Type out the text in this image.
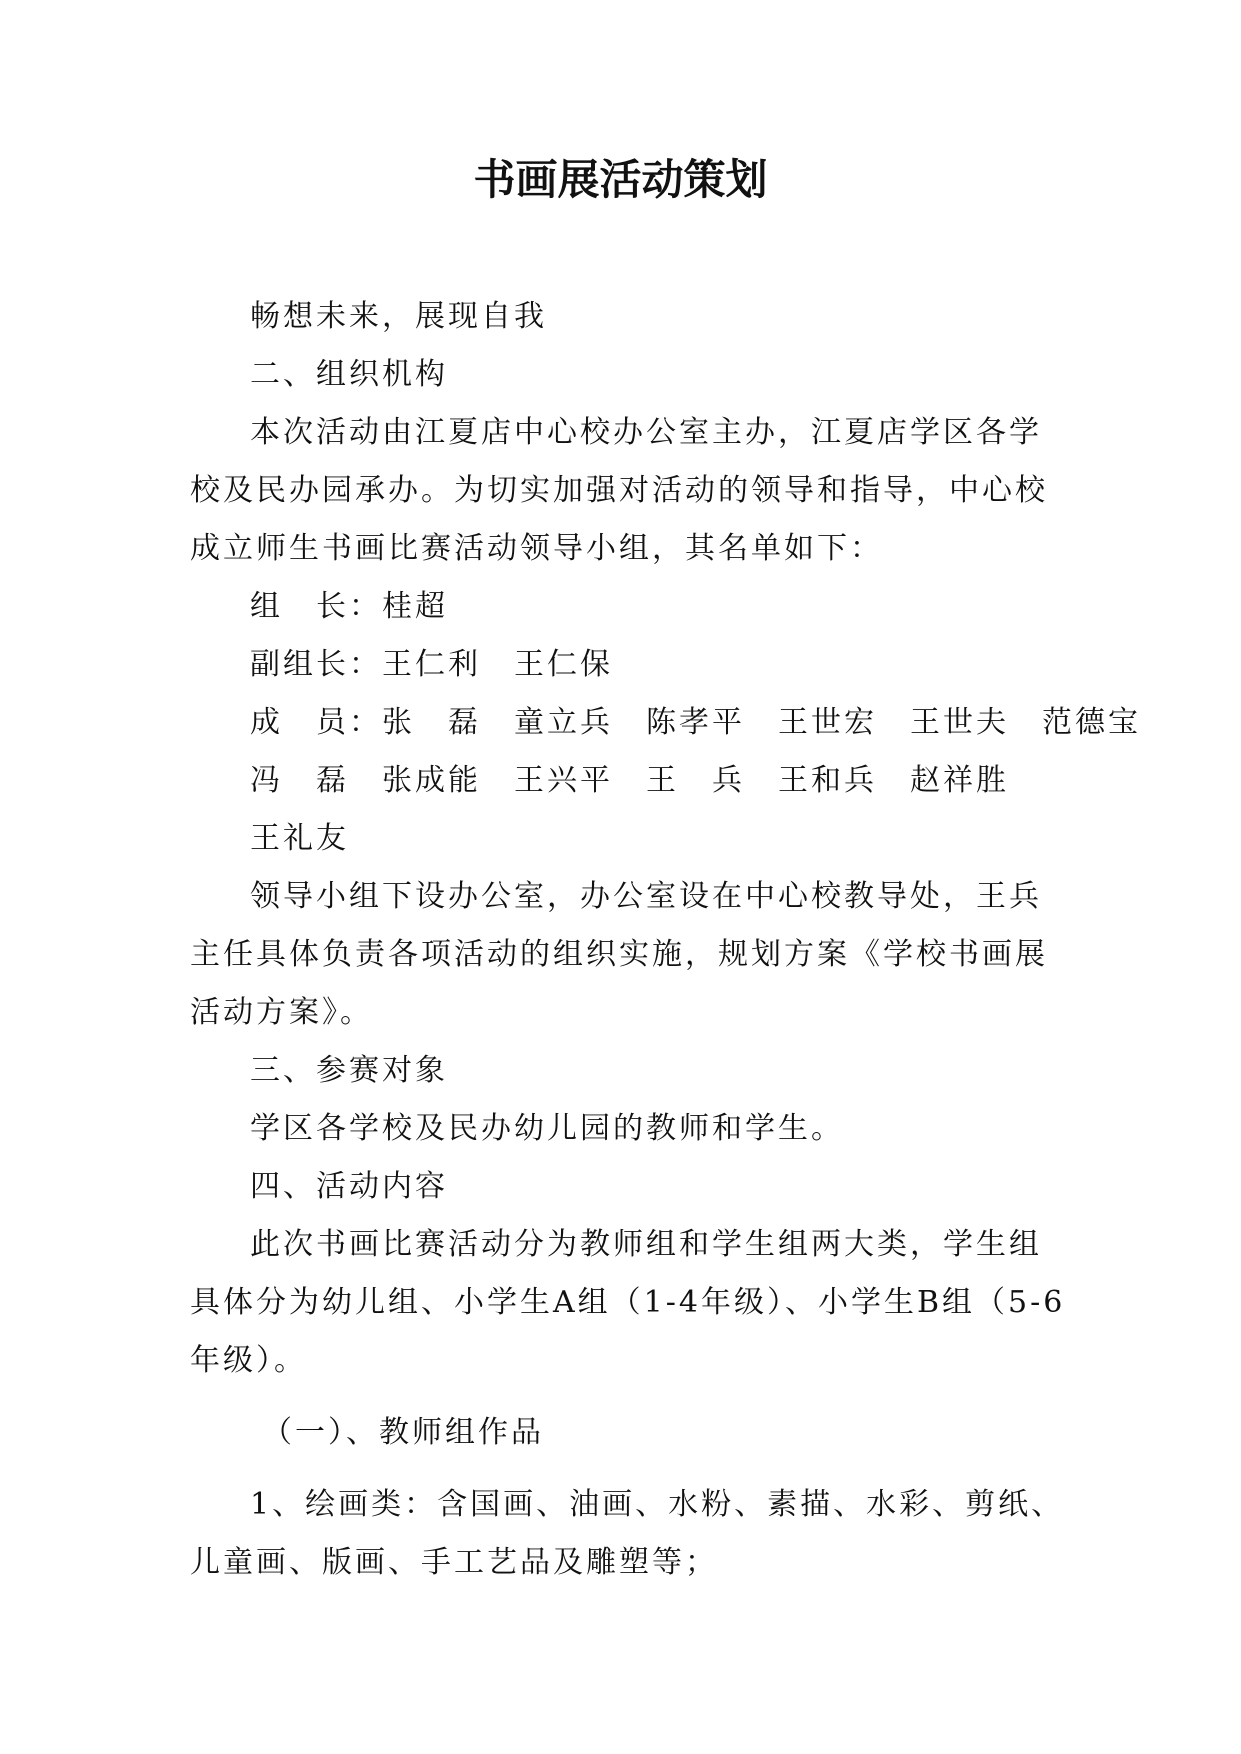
书画展活动策划

畅想未来，展现自我

二、组织机构

本次活动由江夏店中心校办公室主办，江夏店学区各学校及民办园承办。为切实加强对活动的领导和指导，中心校成立师生书画比赛活动领导小组，其名单如下：

组　长：桂超

副组长：王仁利　王仁保

成　员：张　磊　童立兵　陈孝平　王世宏　王世夫　范德宝

冯　磊　张成能　王兴平　王　兵　王和兵　赵祥胜

王礼友

领导小组下设办公室，办公室设在中心校教导处，王兵主任具体负责各项活动的组织实施，规划方案《学校书画展活动方案》。

三、参赛对象

学区各学校及民办幼儿园的教师和学生。

四、活动内容

此次书画比赛活动分为教师组和学生组两大类，学生组具体分为幼儿组、小学生A组（1-4年级）、小学生B组（5-6年级）。

（一）、教师组作品

1、绘画类：含国画、油画、水粉、素描、水彩、剪纸、儿童画、版画、手工艺品及雕塑等；
